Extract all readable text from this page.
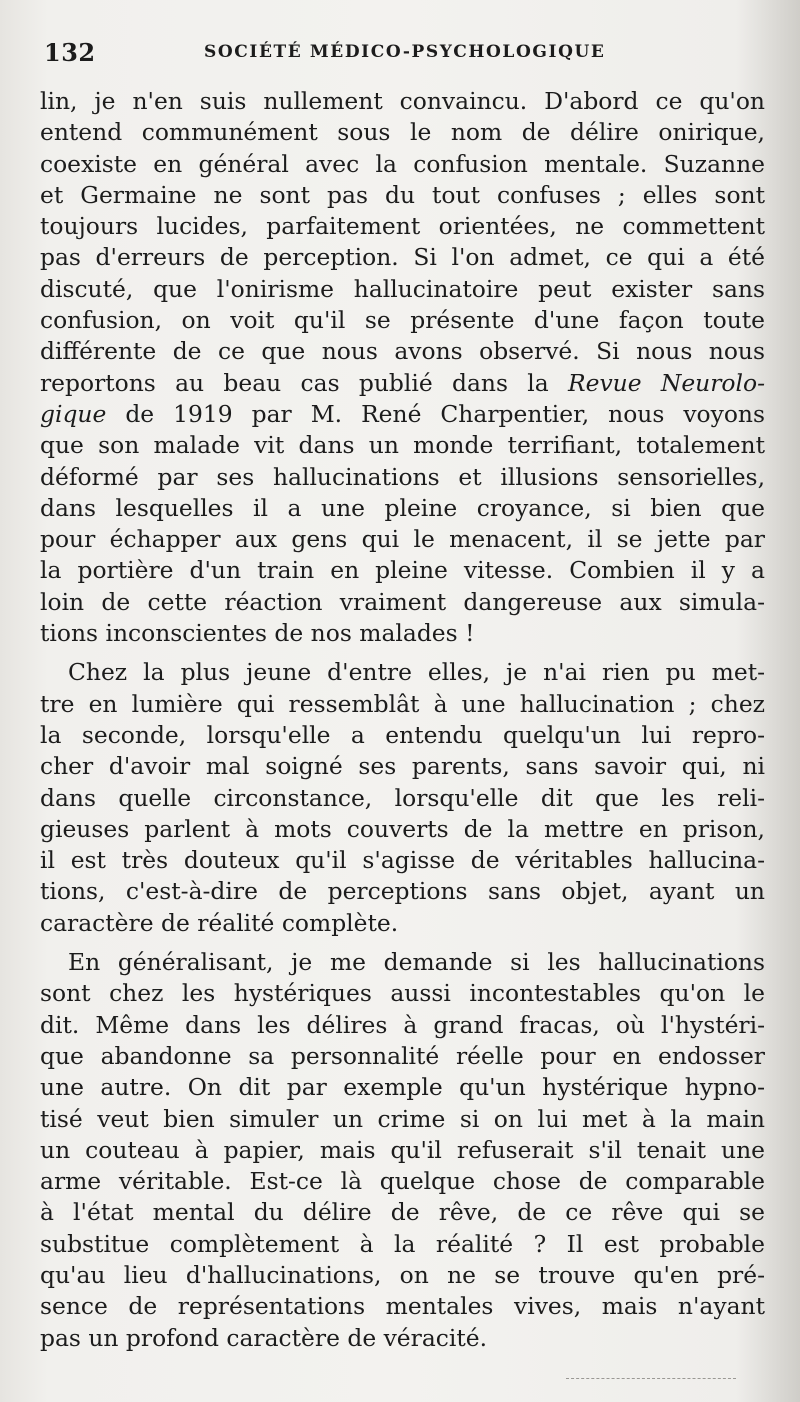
132	SOCIÉTÉ MÉDICO-PSYCHOLOGIQUE
lin, je n'en suis nullement convaincu. D'abord ce qu'on
entend communément sous le nom de délire onirique,
coexiste en général avec la confusion mentale. Suzanne
et Germaine ne sont pas du tout confuses ; elles sont
toujours lucides, parfaitement orientées, ne commettent
pas d'erreurs de perception. Si l'on admet, ce qui a été
discuté, que l'onirisme hallucinatoire peut exister sans
confusion, on voit qu'il se présente d'une façon toute
différente de ce que nous avons observé. Si nous nous
reportons au beau cas publié dans la Revue Neurolo-
gique de 1919 par M. René Charpentier, nous voyons
que son malade vit dans un monde terrifiant, totalement
déformé par ses hallucinations et illusions sensorielles,
dans lesquelles il a une pleine croyance, si bien que
pour échapper aux gens qui le menacent, il se jette par
la portière d'un train en pleine vitesse. Combien il y a
loin de cette réaction vraiment dangereuse aux simula-
tions inconscientes de nos malades !
Chez la plus jeune d'entre elles, je n'ai rien pu met-
tre en lumière qui ressemblât à une hallucination ; chez
la seconde, lorsqu'elle a entendu quelqu'un lui repro-
cher d'avoir mal soigné ses parents, sans savoir qui, ni
dans quelle circonstance, lorsqu'elle dit que les reli-
gieuses parlent à mots couverts de la mettre en prison,
il est très douteux qu'il s'agisse de véritables hallucina-
tions, c'est-à-dire de perceptions sans objet, ayant un
caractère de réalité complète.
En généralisant, je me demande si les hallucinations
sont chez les hystériques aussi incontestables qu'on le
dit. Même dans les délires à grand fracas, où l'hystéri-
que abandonne sa personnalité réelle pour en endosser
une autre. On dit par exemple qu'un hystérique hypno-
tisé veut bien simuler un crime si on lui met à la main
un couteau à papier, mais qu'il refuserait s'il tenait une
arme véritable. Est-ce là quelque chose de comparable
à l'état mental du délire de rêve, de ce rêve qui se
substitue complètement à la réalité ? Il est probable
qu'au lieu d'hallucinations, on ne se trouve qu'en pré-
sence de représentations mentales vives, mais n'ayant
pas un profond caractère de véracité.
